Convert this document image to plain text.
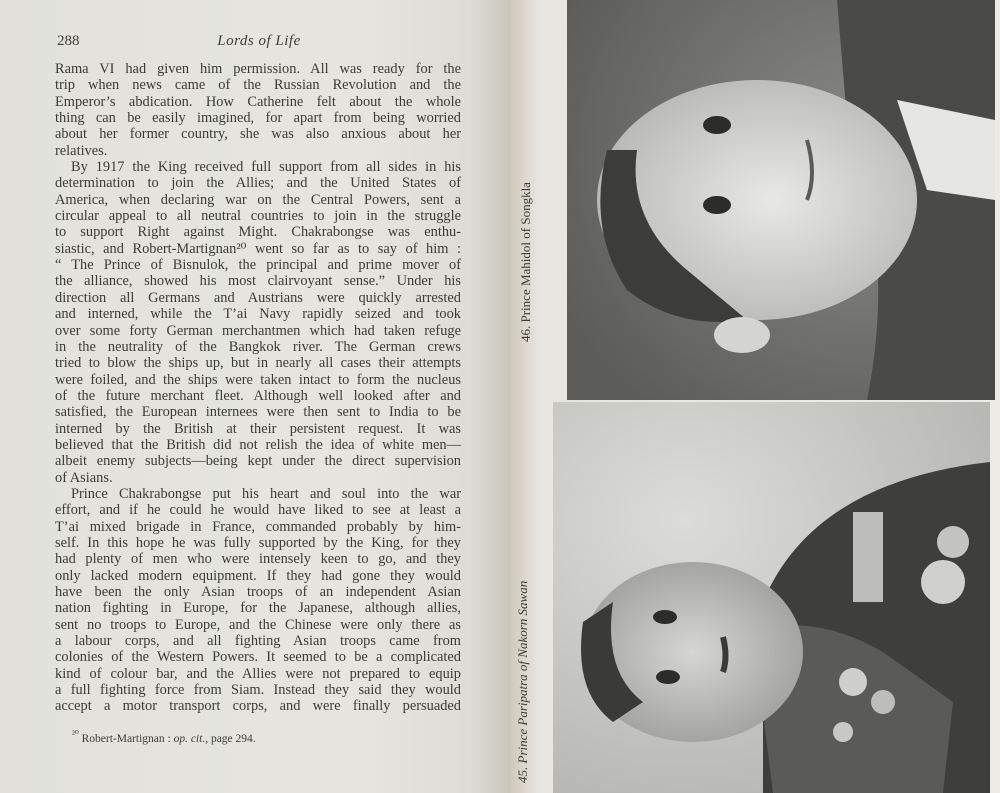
288	Lords of Life
Rama VI had given him permission. All was ready for the
trip when news came of the Russian Revolution and the
Emperor’s abdication. How Catherine felt about the whole
thing can be easily imagined, for apart from being worried
about her former country, she was also anxious about her
relatives.
By 1917 the King received full support from all sides in his
determination to join the Allies; and the United States of
America, when declaring war on the Central Powers, sent a
circular appeal to all neutral countries to join in the struggle
to support Right against Might. Chakrabongse was enthu-
siastic, and Robert-Martignan²⁰ went so far as to say of him :
“ The Prince of Bisnulok, the principal and prime mover of
the alliance, showed his most clairvoyant sense.” Under his
direction all Germans and Austrians were quickly arrested
and interned, while the T’ai Navy rapidly seized and took
over some forty German merchantmen which had taken refuge
in the neutrality of the Bangkok river. The German crews
tried to blow the ships up, but in nearly all cases their attempts
were foiled, and the ships were taken intact to form the nucleus
of the future merchant fleet. Although well looked after and
satisfied, the European internees were then sent to India to be
interned by the British at their persistent request. It was
believed that the British did not relish the idea of white men—
albeit enemy subjects—being kept under the direct supervision
of Asians.
Prince Chakrabongse put his heart and soul into the war
effort, and if he could he would have liked to see at least a
T’ai mixed brigade in France, commanded probably by him-
self. In this hope he was fully supported by the King, for they
had plenty of men who were intensely keen to go, and they
only lacked modern equipment. If they had gone they would
have been the only Asian troops of an independent Asian
nation fighting in Europe, for the Japanese, although allies,
sent no troops to Europe, and the Chinese were only there as
a labour corps, and all fighting Asian troops came from
colonies of the Western Powers. It seemed to be a complicated
kind of colour bar, and the Allies were not prepared to equip
a full fighting force from Siam. Instead they said they would
accept a motor transport corps, and were finally persuaded
$^{^{20}}$ Robert-Martignan : op. cit., page 294.
46. Prince Mahidol of Songkla
45. Prince Paripatra of Nakorn Sawan
